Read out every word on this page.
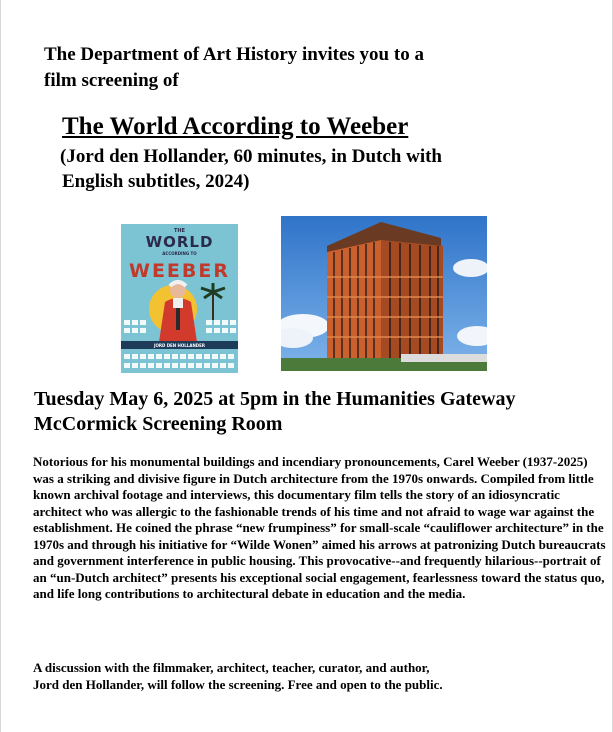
The Department of Art History invites you to a
film screening of
The World According to Weeber
(Jord den Hollander, 60 minutes, in Dutch with
English subtitles, 2024)
THE
WORLD
ACCORDING TO
WEEBER
JORD DEN HOLLANDER
Tuesday May 6, 2025 at 5pm in the Humanities Gateway
McCormick Screening Room
Notorious for his monumental buildings and incendiary pronouncements, Carel Weeber (1937-2025) was a striking and divisive figure in Dutch architecture from the 1970s onwards. Compiled from little known archival footage and interviews, this documentary film tells the story of an idiosyncratic architect who was allergic to the fashionable trends of his time and not afraid to wage war against the establishment. He coined the phrase “new frumpiness” for small-scale “cauliflower architecture” in the 1970s and through his initiative for “Wilde Wonen” aimed his arrows at patronizing Dutch bureaucrats and government interference in public housing. This provocative--and frequently hilarious--portrait of an “un-Dutch architect” presents his exceptional social engagement, fearlessness toward the status quo, and life long contributions to architectural debate in education and the media.
A discussion with the filmmaker, architect, teacher, curator, and author,
Jord den Hollander, will follow the screening. Free and open to the public.
